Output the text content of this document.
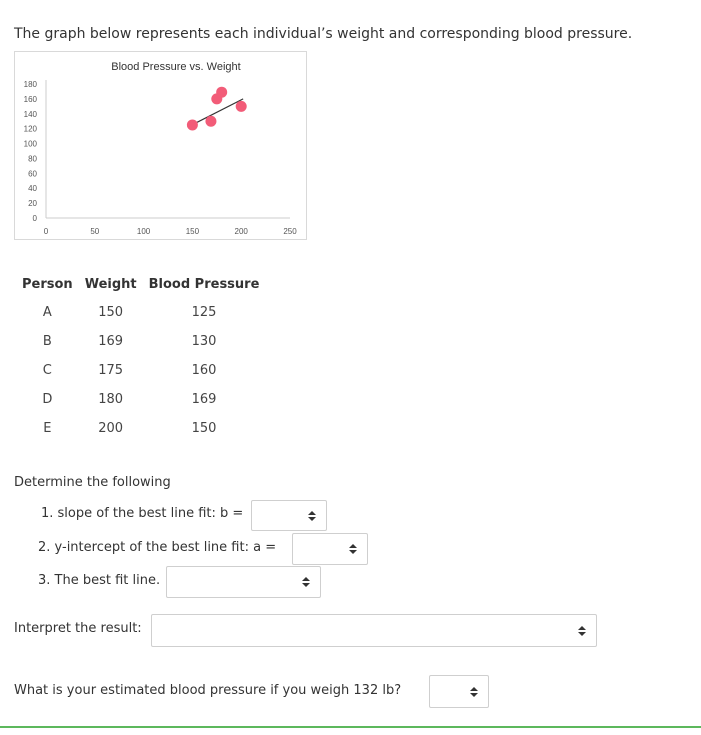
The graph below represents each individual’s weight and corresponding blood pressure.
Blood Pressure vs. Weight
0
20
40
60
80
100
120
140
160
180
0	50	100	150	200	250
Person	Weight	Blood Pressure
A	150	125
B	169	130
C	175	160
D	180	169
E	200	150
Determine the following
1. slope of the best line fit: b =
2. y-intercept of the best line fit: a =
3. The best fit line.
Interpret the result:
What is your estimated blood pressure if you weigh 132 lb?
